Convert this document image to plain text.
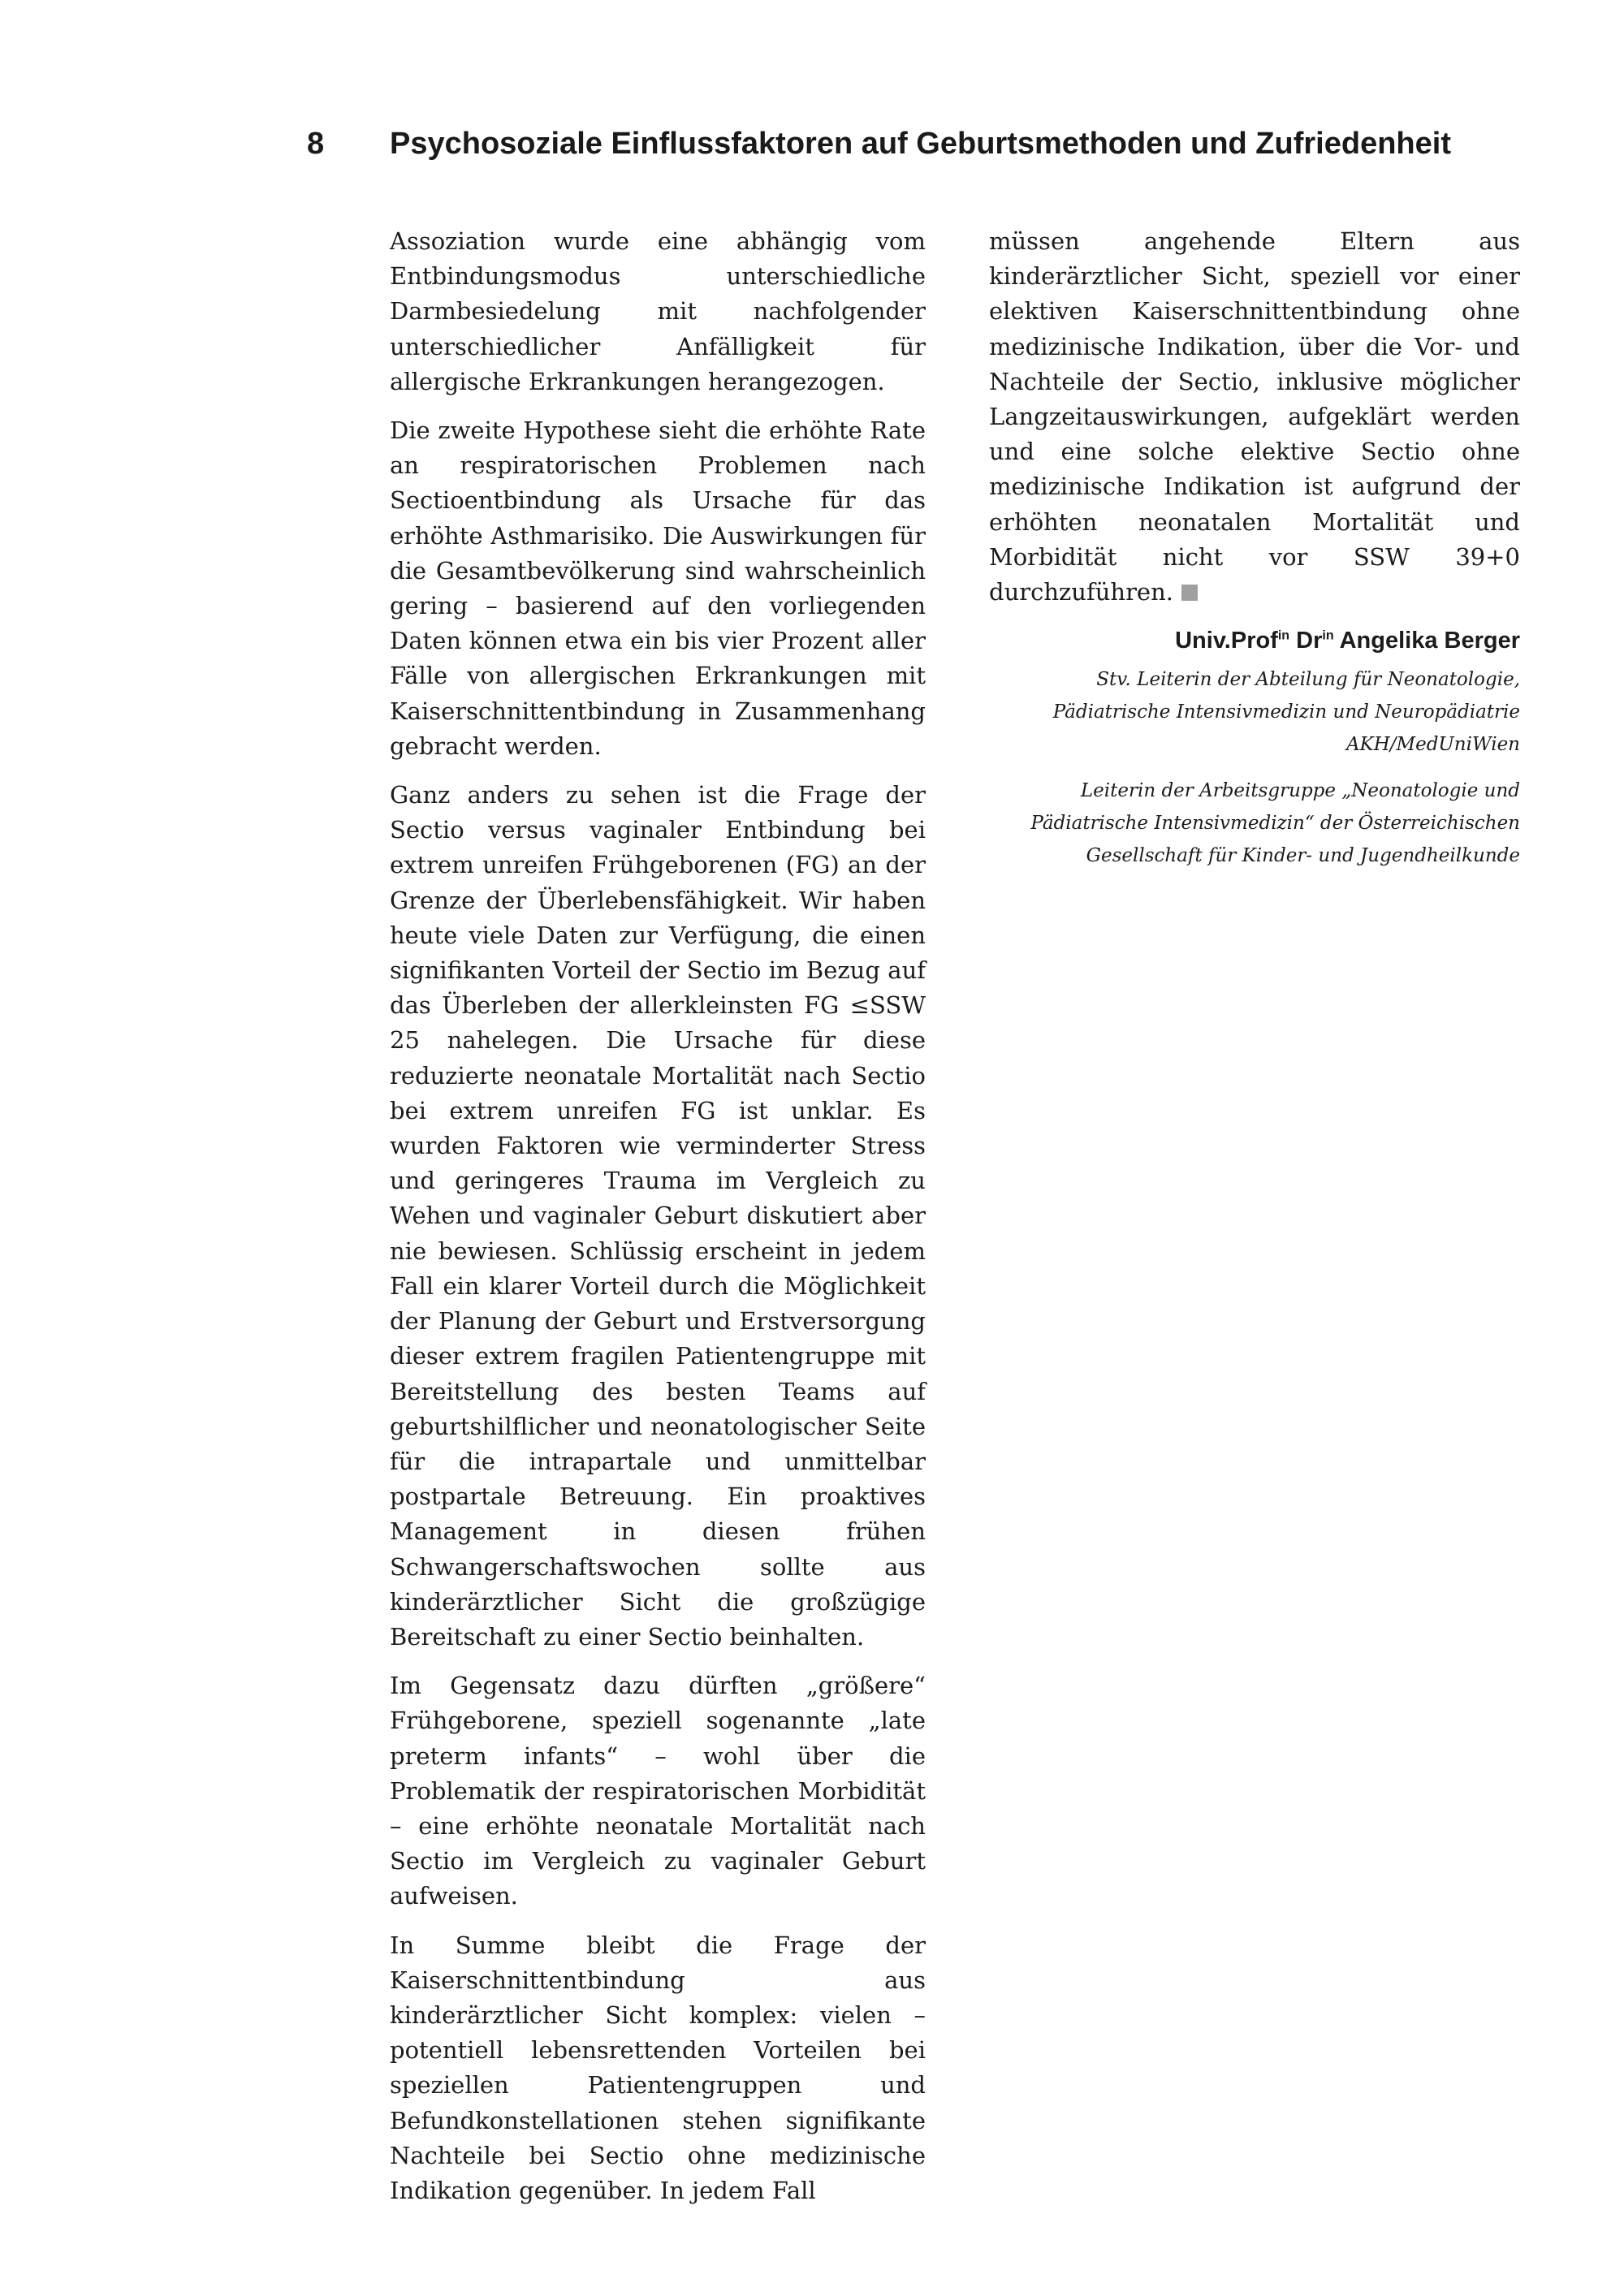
8 Psychosoziale Einflussfaktoren auf Geburtsmethoden und Zufriedenheit

Assoziation wurde eine abhängig vom Entbindungsmodus unterschiedliche Darmbesiedelung mit nachfolgender unterschiedlicher Anfälligkeit für allergische Erkrankungen herangezogen.

Die zweite Hypothese sieht die erhöhte Rate an respiratorischen Problemen nach Sectioentbindung als Ursache für das erhöhte Asthmarisiko. Die Auswirkungen für die Gesamtbevölkerung sind wahrscheinlich gering – basierend auf den vorliegenden Daten können etwa ein bis vier Prozent aller Fälle von allergischen Erkrankungen mit Kaiserschnittentbindung in Zusammenhang gebracht werden.

Ganz anders zu sehen ist die Frage der Sectio versus vaginaler Entbindung bei extrem unreifen Frühgeborenen (FG) an der Grenze der Überlebensfähigkeit. Wir haben heute viele Daten zur Verfügung, die einen signifikanten Vorteil der Sectio im Bezug auf das Überleben der allerkleinsten FG ≤SSW 25 nahelegen. Die Ursache für diese reduzierte neonatale Mortalität nach Sectio bei extrem unreifen FG ist unklar. Es wurden Faktoren wie verminderter Stress und geringeres Trauma im Vergleich zu Wehen und vaginaler Geburt diskutiert aber nie bewiesen. Schlüssig erscheint in jedem Fall ein klarer Vorteil durch die Möglichkeit der Planung der Geburt und Erstversorgung dieser extrem fragilen Patientengruppe mit Bereitstellung des besten Teams auf geburtshilflicher und neonatologischer Seite für die intrapartale und unmittelbar postpartale Betreuung. Ein proaktives Management in diesen frühen Schwangerschaftswochen sollte aus kinderärztlicher Sicht die großzügige Bereitschaft zu einer Sectio beinhalten.

Im Gegensatz dazu dürften „größere“ Frühgeborene, speziell sogenannte „late preterm infants“ – wohl über die Problematik der respiratorischen Morbidität – eine erhöhte neonatale Mortalität nach Sectio im Vergleich zu vaginaler Geburt aufweisen.

In Summe bleibt die Frage der Kaiserschnittentbindung aus kinderärztlicher Sicht komplex: vielen – potentiell lebensrettenden Vorteilen bei speziellen Patientengruppen und Befundkonstellationen stehen signifikante Nachteile bei Sectio ohne medizinische Indikation gegenüber. In jedem Fall

müssen angehende Eltern aus kinderärztlicher Sicht, speziell vor einer elektiven Kaiserschnittentbindung ohne medizinische Indikation, über die Vor- und Nachteile der Sectio, inklusive möglicher Langzeitauswirkungen, aufgeklärt werden und eine solche elektive Sectio ohne medizinische Indikation ist aufgrund der erhöhten neonatalen Mortalität und Morbidität nicht vor SSW 39+0 durchzuführen.

Univ.Prof$^{in}$ $Dr^{in}$ Angelika Berger

Stv. Leiterin der Abteilung für Neonatologie, Pädiatrische Intensivmedizin und Neuropädiatrie AKH/MedUniWien

Leiterin der Arbeitsgruppe „Neonatologie und Pädiatrische Intensivmedizin“ der Österreichischen Gesellschaft für Kinder- und Jugendheilkunde
